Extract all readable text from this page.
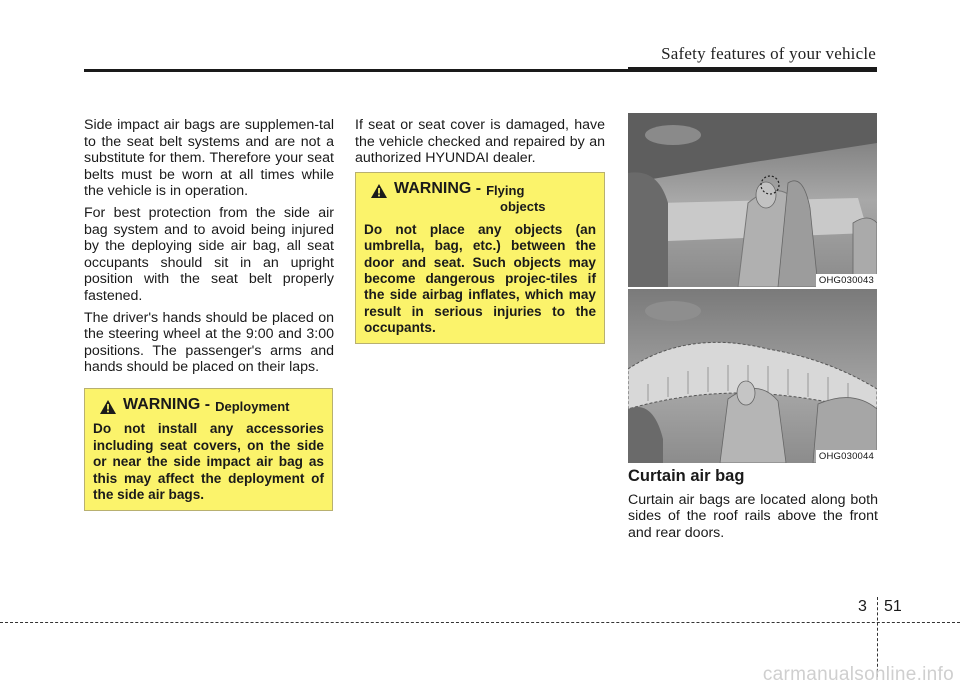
Safety features of your vehicle

Side impact air bags are supplemen-tal to the seat belt systems and are not a substitute for them. Therefore your seat belts must be worn at all times while the vehicle is in operation.

For best protection from the side air bag system and to avoid being injured by the deploying side air bag, all seat occupants should sit in an upright position with the seat belt properly fastened.

The driver's hands should be placed on the steering wheel at the 9:00 and 3:00 positions. The passenger's arms and hands should be placed on their laps.

WARNING - Deployment
Do not install any accessories including seat covers, on the side or near the side impact air bag as this may affect the deployment of the side air bags.

If seat or seat cover is damaged, have the vehicle checked and repaired by an authorized HYUNDAI dealer.

WARNING - Flying
objects
Do not place any objects (an umbrella, bag, etc.) between the door and seat. Such objects may become dangerous projec-tiles if the side airbag inflates, which may result in serious injuries to the occupants.
OHG030043
OHG030044
Curtain air bag

Curtain air bags are located along both sides of the roof rails above the front and rear doors.

3 51
carmanualsonline.info
